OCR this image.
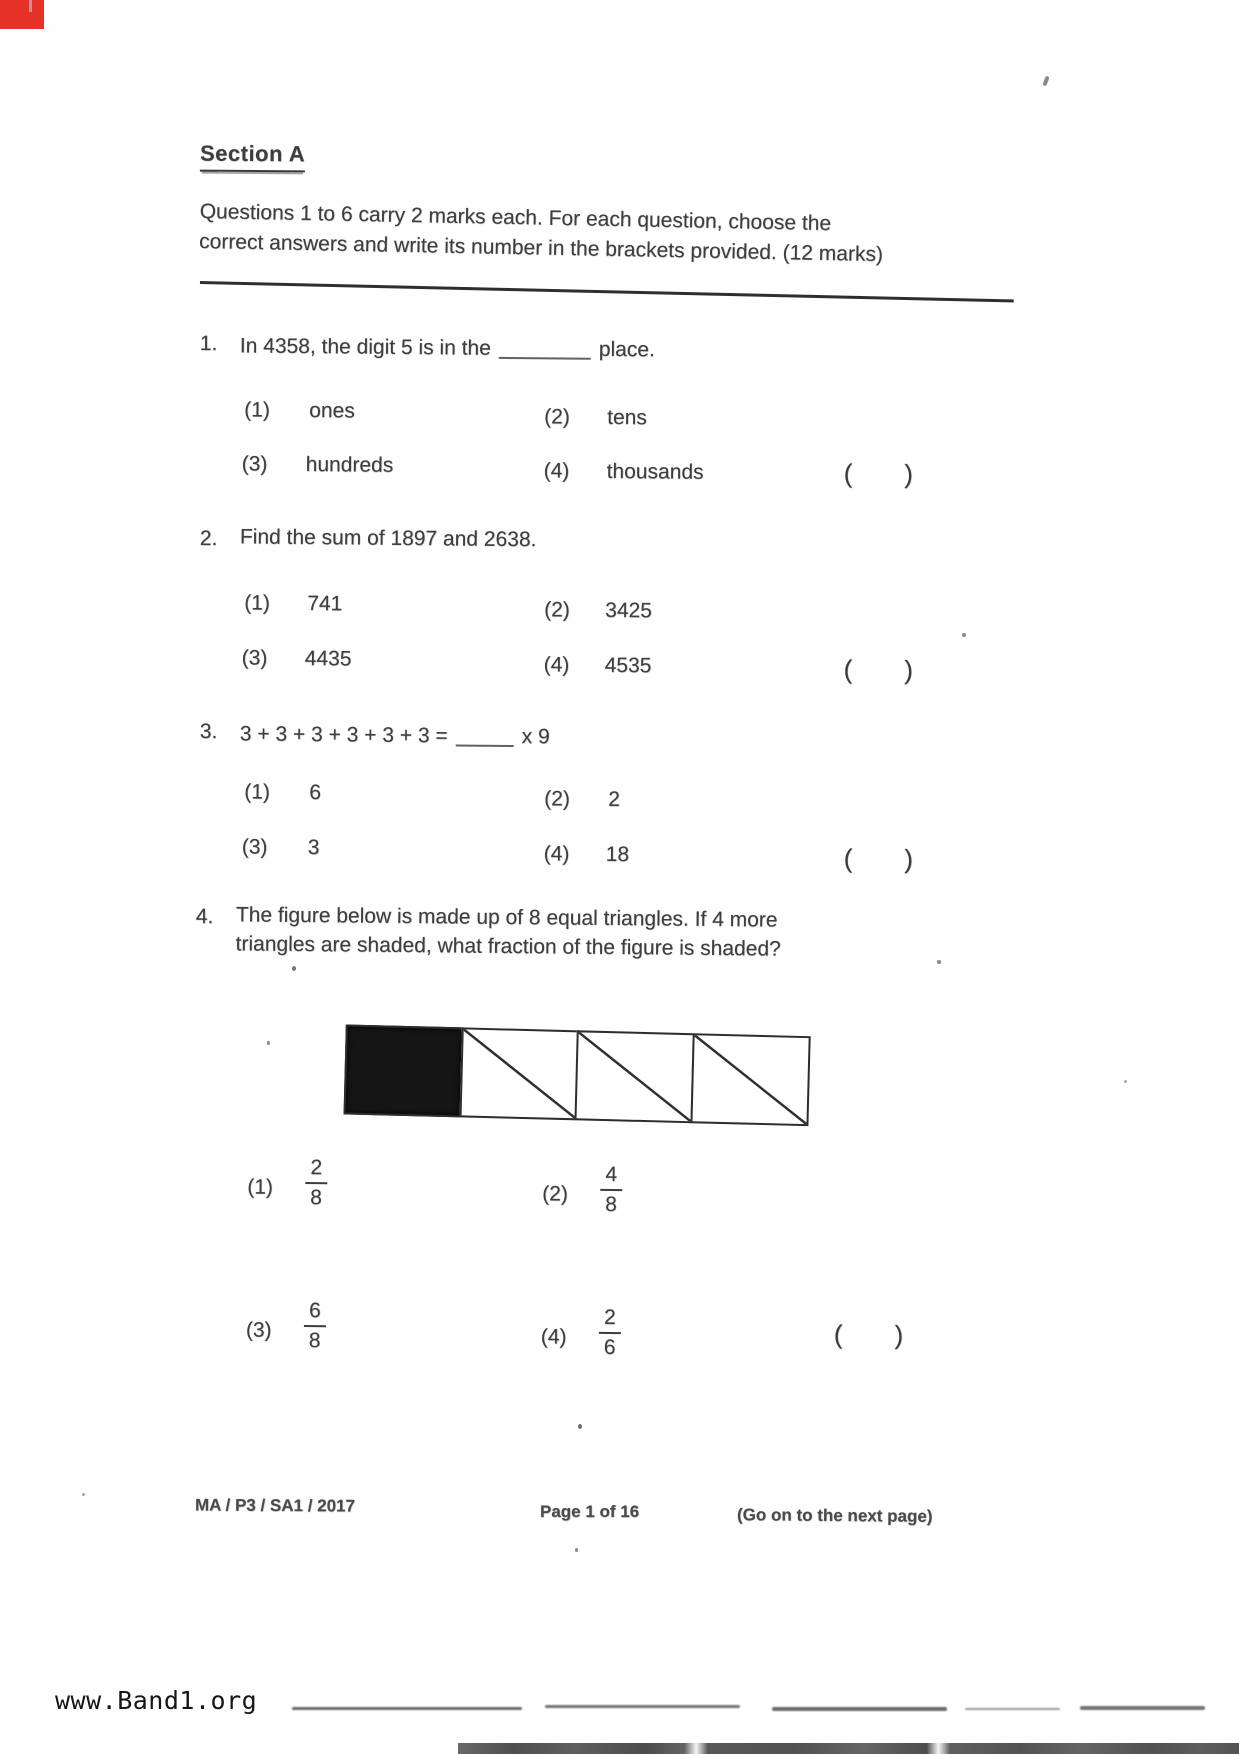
Section A
Questions 1 to 6 carry 2 marks each. For each question, choose the
correct answers and write its number in the brackets provided. (12 marks)
1. In 4358, the digit 5 is in the	place.
(1) ones	(2) tens
(3) hundreds	(4) thousands	( )
2. Find the sum of 1897 and 2638.
(1) 741	(2) 3425
(3) 4435	(4) 4535	( )
3. 3 + 3 + 3 + 3 + 3 + 3 =	x 9
(1) 6	(2) 2
(3) 3	(4) 18	( )
4. The figure below is made up of 8 equal triangles. If 4 more
triangles are shaded, what fraction of the figure is shaded?
$(1) \frac{2}{8}$	$(2) \frac{4}{8}$
$(3) \frac{6}{8}$	$(4) \frac{2}{6}$	( )
MA / P3 / SA1 / 2017	Page 1 of 16	(Go on to the next page)
www.Band1.org
